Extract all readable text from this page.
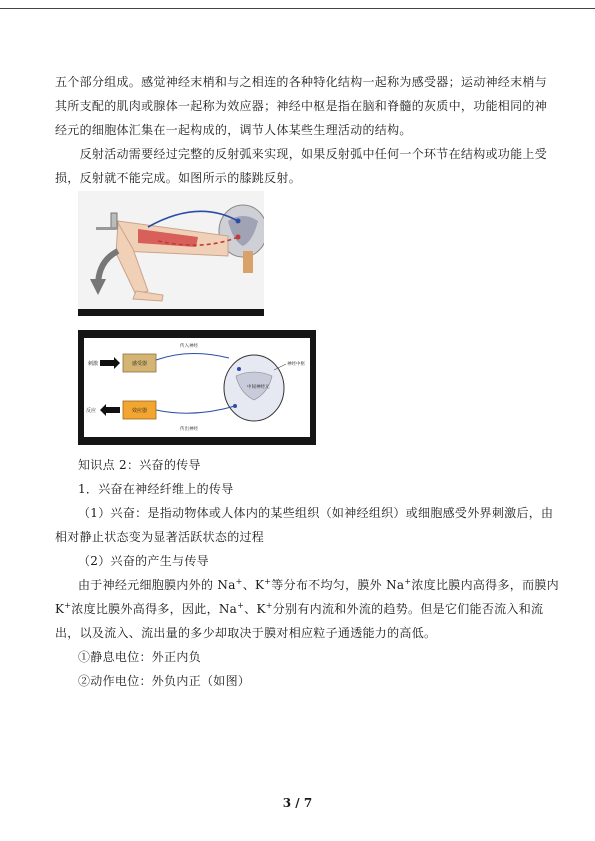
五个部分组成。感觉神经末梢和与之相连的各种特化结构一起称为感受器；运动神经末梢与

其所支配的肌肉或腺体一起称为效应器；神经中枢是指在脑和脊髓的灰质中，功能相同的神

经元的细胞体汇集在一起构成的，调节人体某些生理活动的结构。

　　反射活动需要经过完整的反射弧来实现，如果反射弧中任何一个环节在结构或功能上受

损，反射就不能完成。如图所示的膝跳反射。

刺激	感受器
传入神经
中间神经元
神经中枢
传出神经
效应器
反应

知识点 2：兴奋的传导

1．兴奋在神经纤维上的传导

（1）兴奋：是指动物体或人体内的某些组织（如神经组织）或细胞感受外界刺激后，由

相对静止状态变为显著活跃状态的过程

（2）兴奋的产生与传导

由于神经元细胞膜内外的 Na+、K+等分布不均匀，膜外 Na+浓度比膜内高得多，而膜内

K+浓度比膜外高得多，因此，Na+、K+分别有内流和外流的趋势。但是它们能否流入和流

出，以及流入、流出量的多少却取决于膜对相应粒子通透能力的高低。

①静息电位：外正内负

②动作电位：外负内正（如图）

3 / 7
